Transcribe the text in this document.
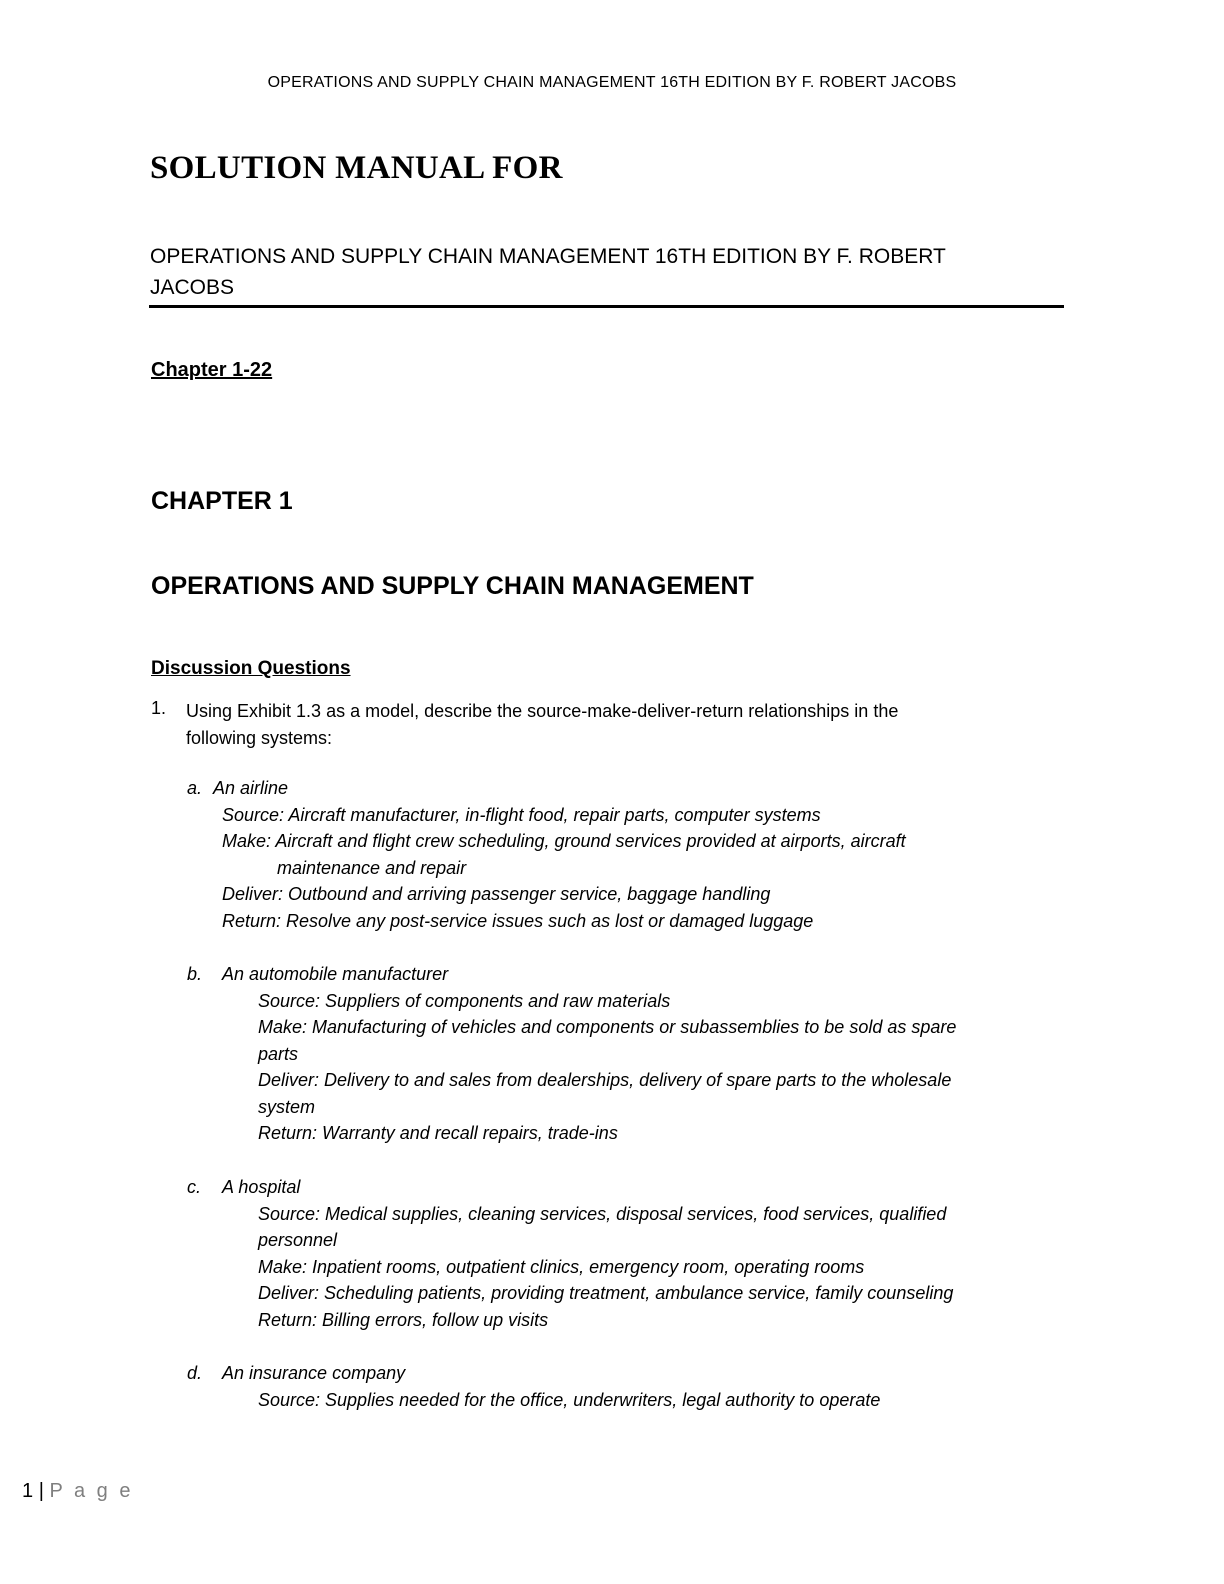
OPERATIONS AND SUPPLY CHAIN MANAGEMENT 16TH EDITION BY F. ROBERT JACOBS
SOLUTION MANUAL FOR
OPERATIONS AND SUPPLY CHAIN MANAGEMENT 16TH EDITION BY F. ROBERT
JACOBS
Chapter 1-22
CHAPTER 1
OPERATIONS AND SUPPLY CHAIN MANAGEMENT
Discussion Questions
1. Using Exhibit 1.3 as a model, describe the source-make-deliver-return relationships in the
following systems:
a. An airline
Source: Aircraft manufacturer, in-flight food, repair parts, computer systems
Make: Aircraft and flight crew scheduling, ground services provided at airports, aircraft
maintenance and repair
Deliver: Outbound and arriving passenger service, baggage handling
Return: Resolve any post-service issues such as lost or damaged luggage
b. An automobile manufacturer
Source: Suppliers of components and raw materials
Make: Manufacturing of vehicles and components or subassemblies to be sold as spare
parts
Deliver: Delivery to and sales from dealerships, delivery of spare parts to the wholesale
system
Return: Warranty and recall repairs, trade-ins
c. A hospital
Source: Medical supplies, cleaning services, disposal services, food services, qualified
personnel
Make: Inpatient rooms, outpatient clinics, emergency room, operating rooms
Deliver: Scheduling patients, providing treatment, ambulance service, family counseling
Return: Billing errors, follow up visits
d. An insurance company
Source: Supplies needed for the office, underwriters, legal authority to operate
1 | P a g e
